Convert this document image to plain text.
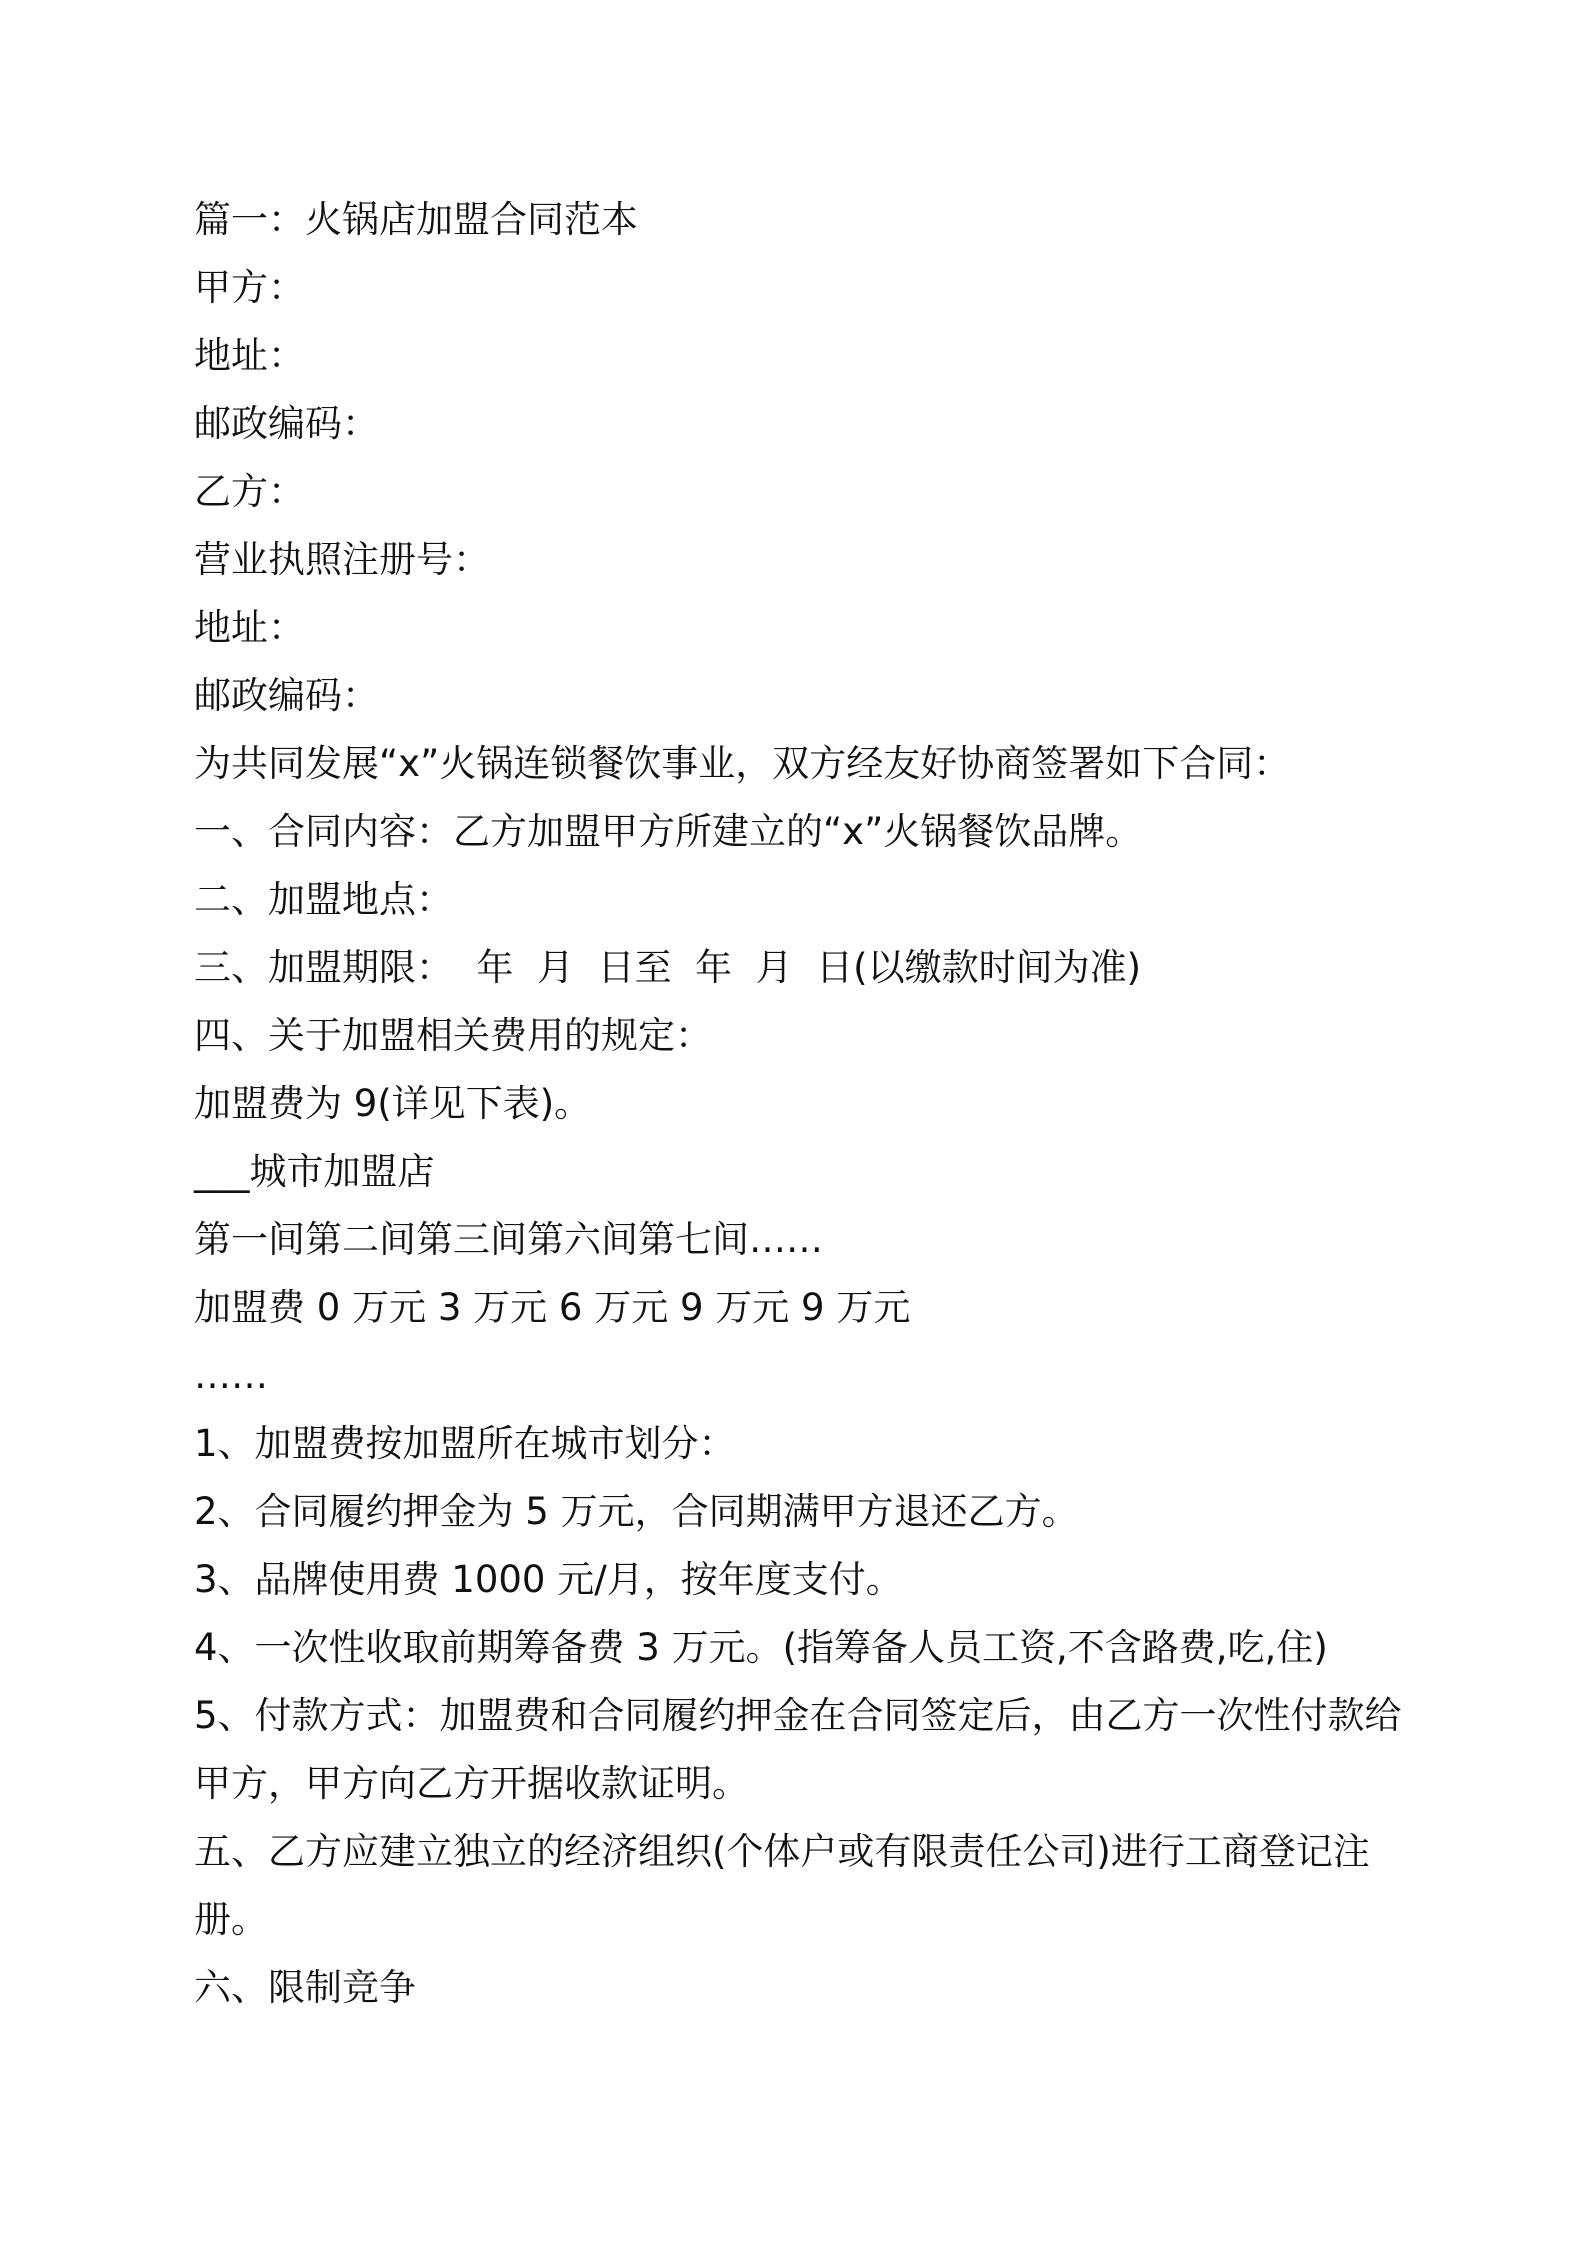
篇一：火锅店加盟合同范本
甲方：
地址：
邮政编码：
乙方：
营业执照注册号：
地址：
邮政编码：
为共同发展“x”火锅连锁餐饮事业，双方经友好协商签署如下合同：
一、合同内容：乙方加盟甲方所建立的“x”火锅餐饮品牌。
二、加盟地点：
三、加盟期限：  年  月  日至  年  月  日(以缴款时间为准)
四、关于加盟相关费用的规定：
加盟费为 9(详见下表)。
___城市加盟店
第一间第二间第三间第六间第七间……
加盟费 0 万元 3 万元 6 万元 9 万元 9 万元
……
1、加盟费按加盟所在城市划分：
2、合同履约押金为 5 万元，合同期满甲方退还乙方。
3、品牌使用费 1000 元/月，按年度支付。
4、一次性收取前期筹备费 3 万元。(指筹备人员工资,不含路费,吃,住)
5、付款方式：加盟费和合同履约押金在合同签定后，由乙方一次性付款给
甲方，甲方向乙方开据收款证明。
五、乙方应建立独立的经济组织(个体户或有限责任公司)进行工商登记注
册。
六、限制竞争
